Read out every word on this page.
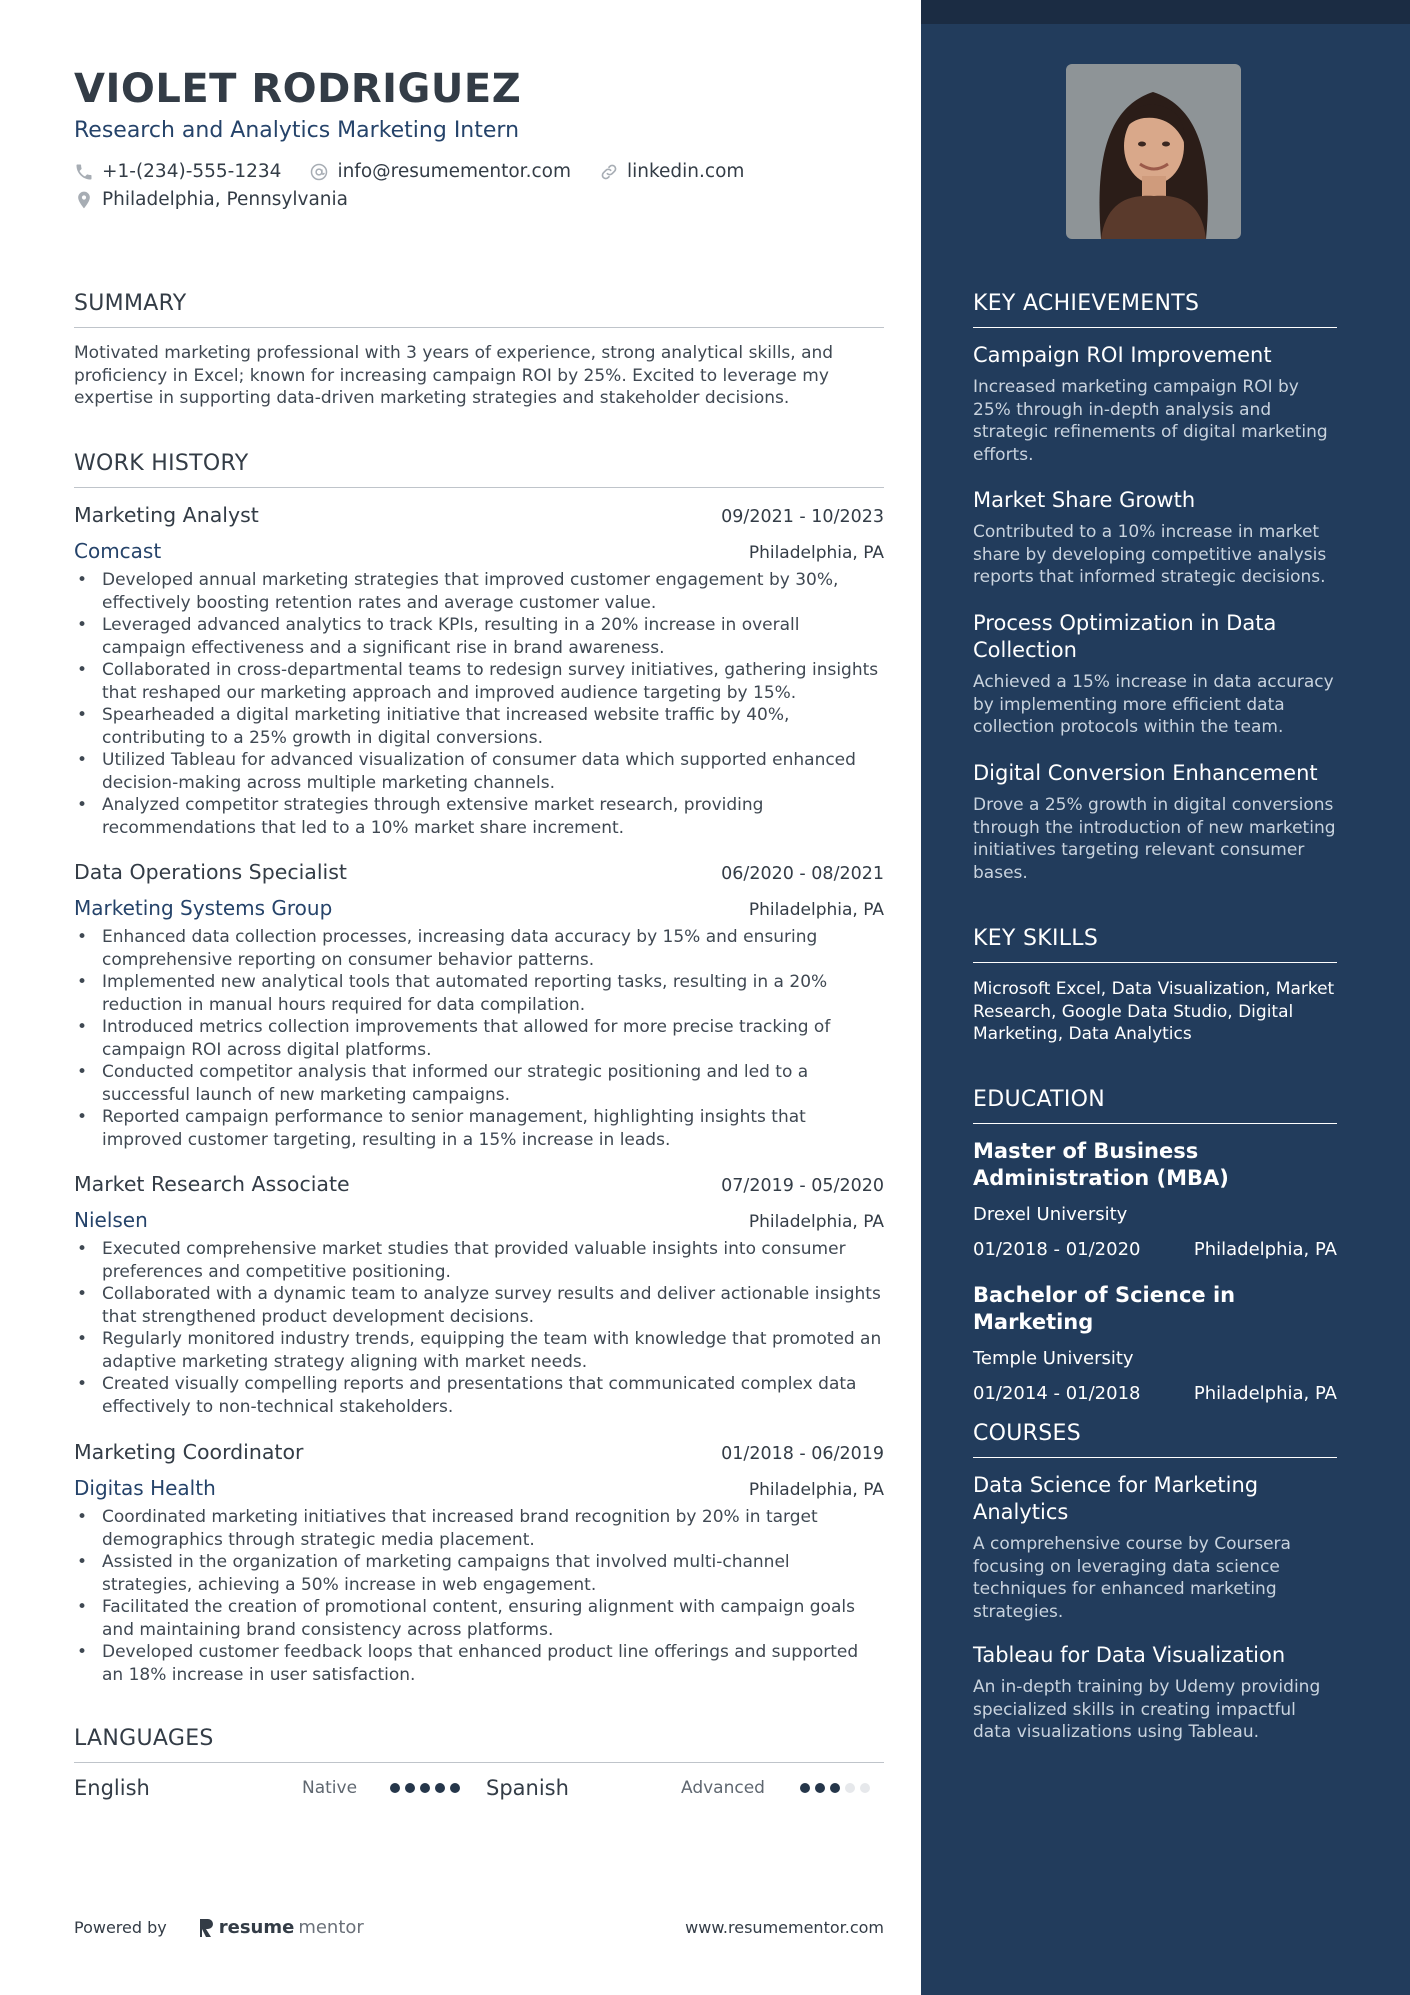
VIOLET RODRIGUEZ
Research and Analytics Marketing Intern
+1-(234)-555-1234	info@resumementor.com	linkedin.com
Philadelphia, Pennsylvania
SUMMARY
Motivated marketing professional with 3 years of experience, strong analytical skills, and proficiency in Excel; known for increasing campaign ROI by 25%. Excited to leverage my expertise in supporting data-driven marketing strategies and stakeholder decisions.
WORK HISTORY
Marketing Analyst	09/2021 - 10/2023
Comcast	Philadelphia, PA
• Developed annual marketing strategies that improved customer engagement by 30%, effectively boosting retention rates and average customer value.
• Leveraged advanced analytics to track KPIs, resulting in a 20% increase in overall campaign effectiveness and a significant rise in brand awareness.
• Collaborated in cross-departmental teams to redesign survey initiatives, gathering insights that reshaped our marketing approach and improved audience targeting by 15%.
• Spearheaded a digital marketing initiative that increased website traffic by 40%, contributing to a 25% growth in digital conversions.
• Utilized Tableau for advanced visualization of consumer data which supported enhanced decision-making across multiple marketing channels.
• Analyzed competitor strategies through extensive market research, providing recommendations that led to a 10% market share increment.
Data Operations Specialist	06/2020 - 08/2021
Marketing Systems Group	Philadelphia, PA
• Enhanced data collection processes, increasing data accuracy by 15% and ensuring comprehensive reporting on consumer behavior patterns.
• Implemented new analytical tools that automated reporting tasks, resulting in a 20% reduction in manual hours required for data compilation.
• Introduced metrics collection improvements that allowed for more precise tracking of campaign ROI across digital platforms.
• Conducted competitor analysis that informed our strategic positioning and led to a successful launch of new marketing campaigns.
• Reported campaign performance to senior management, highlighting insights that improved customer targeting, resulting in a 15% increase in leads.
Market Research Associate	07/2019 - 05/2020
Nielsen	Philadelphia, PA
• Executed comprehensive market studies that provided valuable insights into consumer preferences and competitive positioning.
• Collaborated with a dynamic team to analyze survey results and deliver actionable insights that strengthened product development decisions.
• Regularly monitored industry trends, equipping the team with knowledge that promoted an adaptive marketing strategy aligning with market needs.
• Created visually compelling reports and presentations that communicated complex data effectively to non-technical stakeholders.
Marketing Coordinator	01/2018 - 06/2019
Digitas Health	Philadelphia, PA
• Coordinated marketing initiatives that increased brand recognition by 20% in target demographics through strategic media placement.
• Assisted in the organization of marketing campaigns that involved multi-channel strategies, achieving a 50% increase in web engagement.
• Facilitated the creation of promotional content, ensuring alignment with campaign goals and maintaining brand consistency across platforms.
• Developed customer feedback loops that enhanced product line offerings and supported an 18% increase in user satisfaction.
LANGUAGES
English	Native	Spanish	Advanced
Powered by	resume mentor	www.resumementor.com
KEY ACHIEVEMENTS
Campaign ROI Improvement
Increased marketing campaign ROI by 25% through in-depth analysis and strategic refinements of digital marketing efforts.
Market Share Growth
Contributed to a 10% increase in market share by developing competitive analysis reports that informed strategic decisions.
Process Optimization in Data Collection
Achieved a 15% increase in data accuracy by implementing more efficient data collection protocols within the team.
Digital Conversion Enhancement
Drove a 25% growth in digital conversions through the introduction of new marketing initiatives targeting relevant consumer bases.
KEY SKILLS
Microsoft Excel, Data Visualization, Market Research, Google Data Studio, Digital Marketing, Data Analytics
EDUCATION
Master of Business Administration (MBA)
Drexel University
01/2018 - 01/2020	Philadelphia, PA
Bachelor of Science in Marketing
Temple University
01/2014 - 01/2018	Philadelphia, PA
COURSES
Data Science for Marketing Analytics
A comprehensive course by Coursera focusing on leveraging data science techniques for enhanced marketing strategies.
Tableau for Data Visualization
An in-depth training by Udemy providing specialized skills in creating impactful data visualizations using Tableau.
